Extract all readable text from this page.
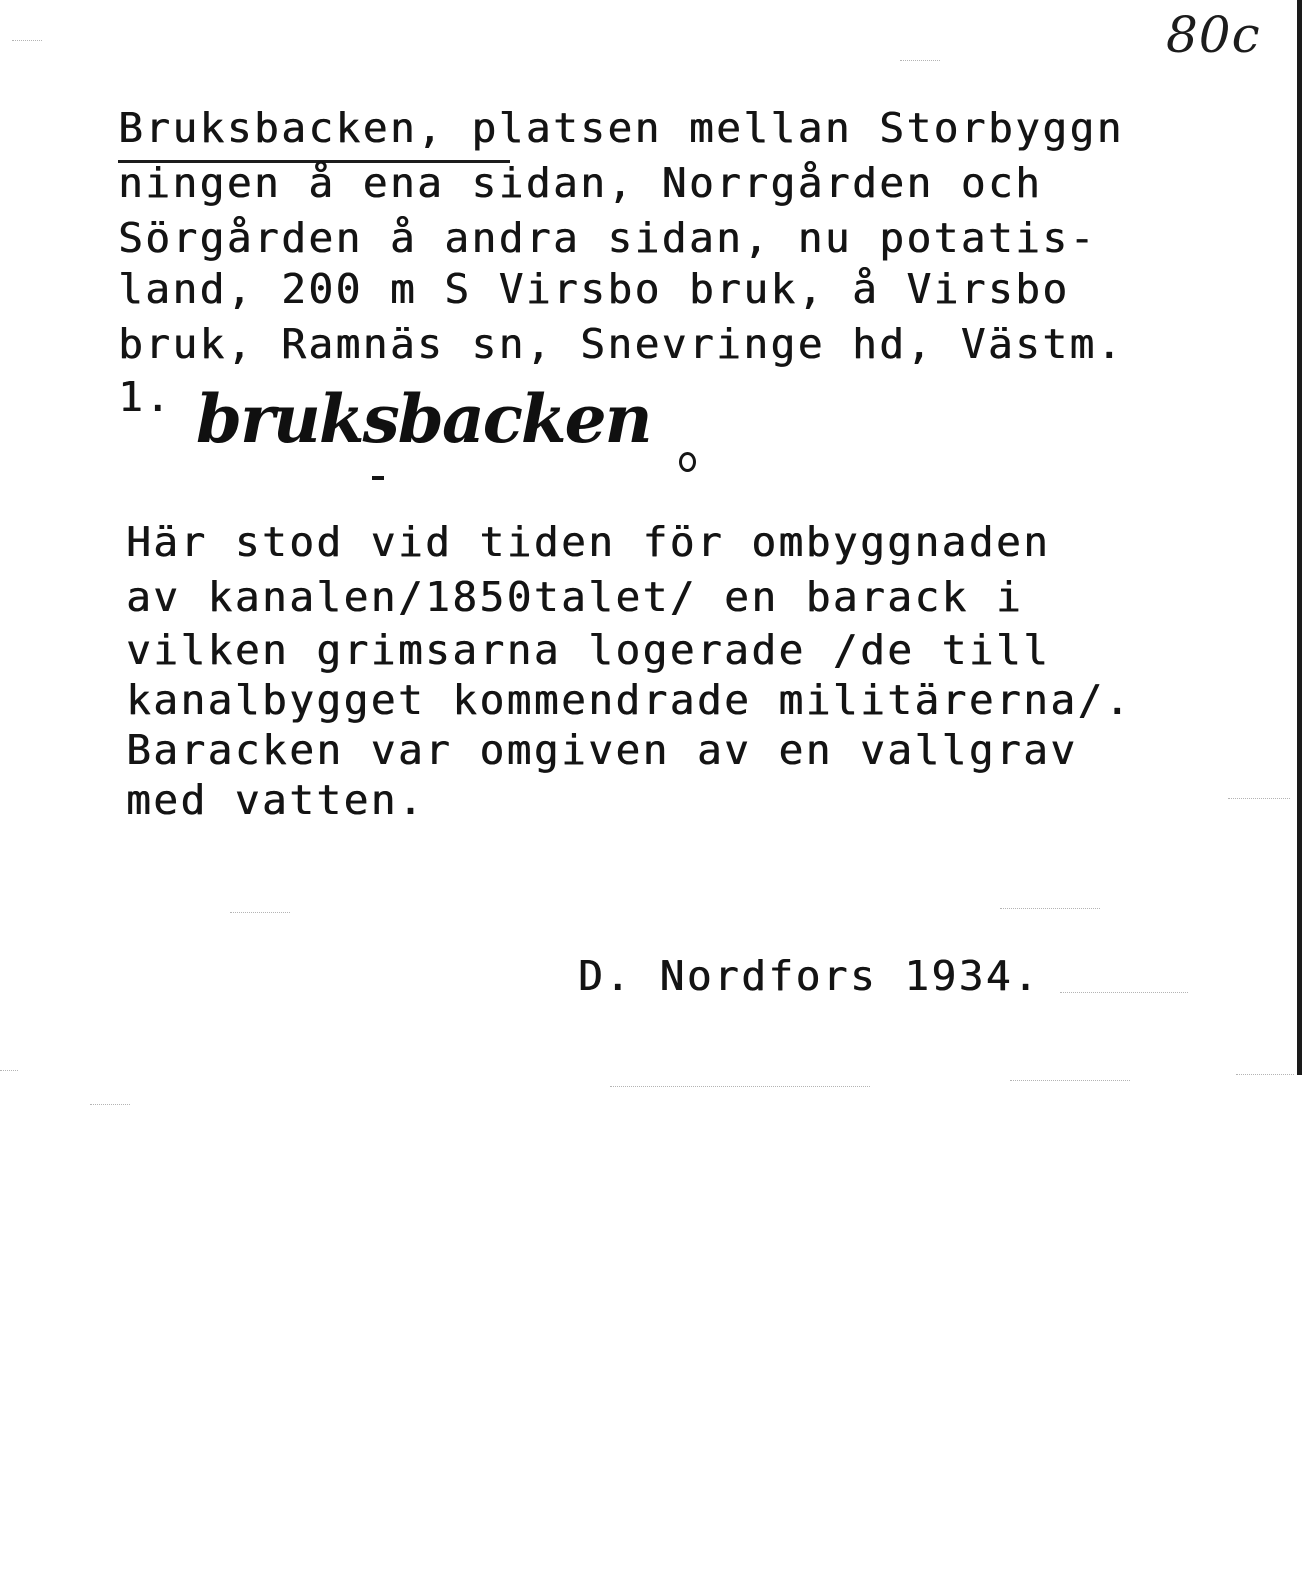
80c
Bruksbacken, platsen mellan Storbyggn
ningen å ena sidan, Norrgården och
Sörgården å andra sidan, nu potatis-
land, 200 m S Virsbo bruk, å Virsbo
bruk, Ramnäs sn, Snevringe hd, Västm.
1. bruksbacken
Här stod vid tiden för ombyggnaden
av kanalen/1850talet/ en barack i
vilken grimsarna logerade /de till
kanalbygget kommendrade militärerna/.
Baracken var omgiven av en vallgrav
med vatten.
D. Nordfors 1934.
